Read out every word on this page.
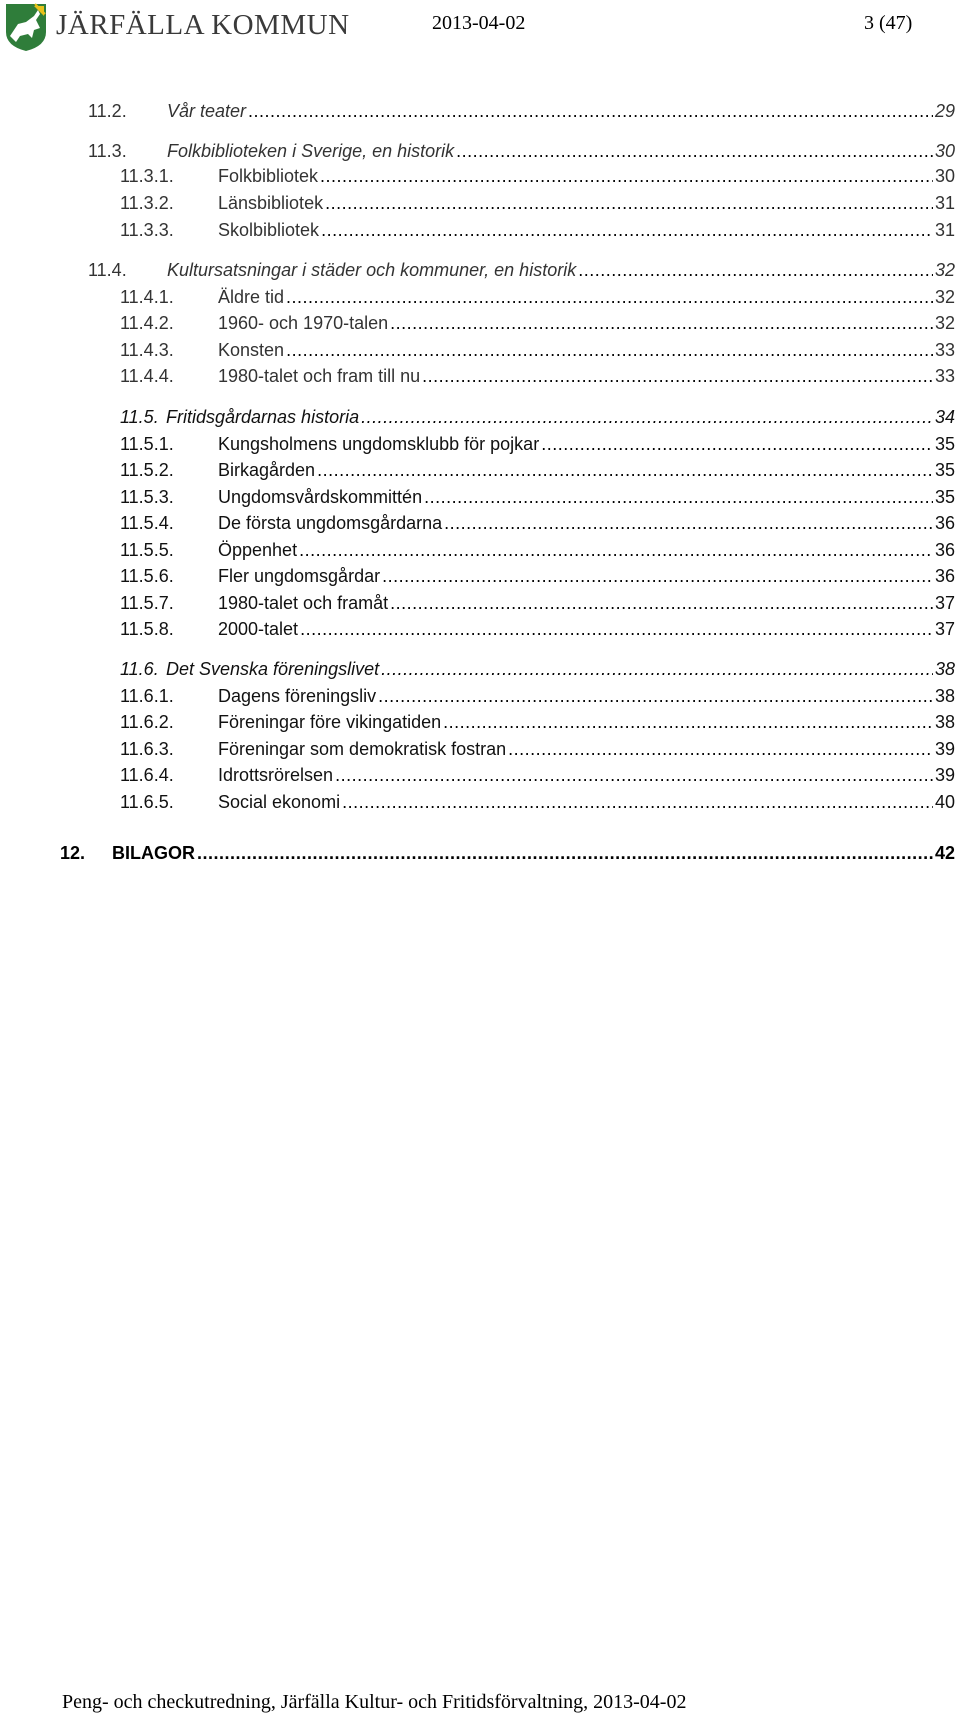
JÄRFÄLLA KOMMUN	2013-04-02	3 (47)
11.2.	Vår teater .....	29
11.3.	Folkbiblioteken i Sverige, en historik .....	30
11.3.1.	Folkbibliotek .....	30
11.3.2.	Länsbibliotek .....	31
11.3.3.	Skolbibliotek .....	31
11.4.	Kultursatsningar i städer och kommuner, en historik .....	32
11.4.1.	Äldre tid .....	32
11.4.2.	1960- och 1970-talen .....	32
11.4.3.	Konsten .....	33
11.4.4.	1980-talet och fram till nu .....	33
11.5. Fritidsgårdarnas historia .....	34
11.5.1.	Kungsholmens ungdomsklubb för pojkar .....	35
11.5.2.	Birkagården .....	35
11.5.3.	Ungdomsvårdskommittén .....	35
11.5.4.	De första ungdomsgårdarna .....	36
11.5.5.	Öppenhet .....	36
11.5.6.	Fler ungdomsgårdar .....	36
11.5.7.	1980-talet och framåt .....	37
11.5.8.	2000-talet .....	37
11.6. Det Svenska föreningslivet .....	38
11.6.1.	Dagens föreningsliv .....	38
11.6.2.	Föreningar före vikingatiden .....	38
11.6.3.	Föreningar som demokratisk fostran .....	39
11.6.4.	Idrottsrörelsen .....	39
11.6.5.	Social ekonomi .....	40
12.	BILAGOR .....	42
Peng- och checkutredning, Järfälla Kultur- och Fritidsförvaltning, 2013-04-02
